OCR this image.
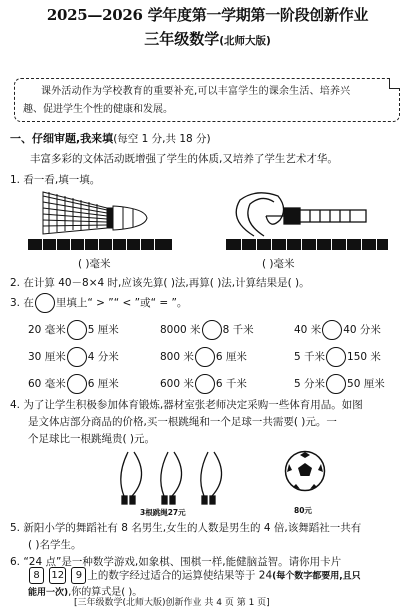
2025—2026 学年度第一学期第一阶段创新作业
三年级数学(北师大版)

课外活动作为学校教育的重要补充,可以丰富学生的课余生活、培养兴

趣、促进学生个性的健康和发展。
一、仔细审题,我来填(每空 1 分,共 18 分)
丰富多彩的文体活动既增强了学生的体质,又培养了学生艺术才华。
1. 看一看,填一填。
( )毫米	( )毫米
2. 在计算 40－8×4 时,应该先算( )法,再算( )法,计算结果是( )。
3. 在 里填上“ > ”“ < ”或“ = ”。
20 毫米 5 厘米	8000 米 8 千米	40 米 40 分米
30 厘米 4 分米	800 米 6 厘米	5 千米 150 米
60 毫米 6 厘米	600 米 6 千米	5 分米 50 厘米
4. 为了让学生积极参加体育锻炼,器材室张老师决定采购一些体育用品。如图
是文体店部分商品的价格,买一根跳绳和一个足球一共需要( )元。一
个足球比一根跳绳贵( )元。
3根跳绳27元	80元
5. 新阳小学的舞蹈社有 8 名男生,女生的人数是男生的 4 倍,该舞蹈社一共有
( )名学生。
6. “24 点”是一种数学游戏,如象棋、围棋一样,能健脑益智。请你用卡片
8 12 9 上的数字经过适合的运算使结果等于 24(每个数字都要用,且只
能用一次),你的算式是( )。
[三年级数学(北师大版)创新作业 共 4 页 第 1 页]
